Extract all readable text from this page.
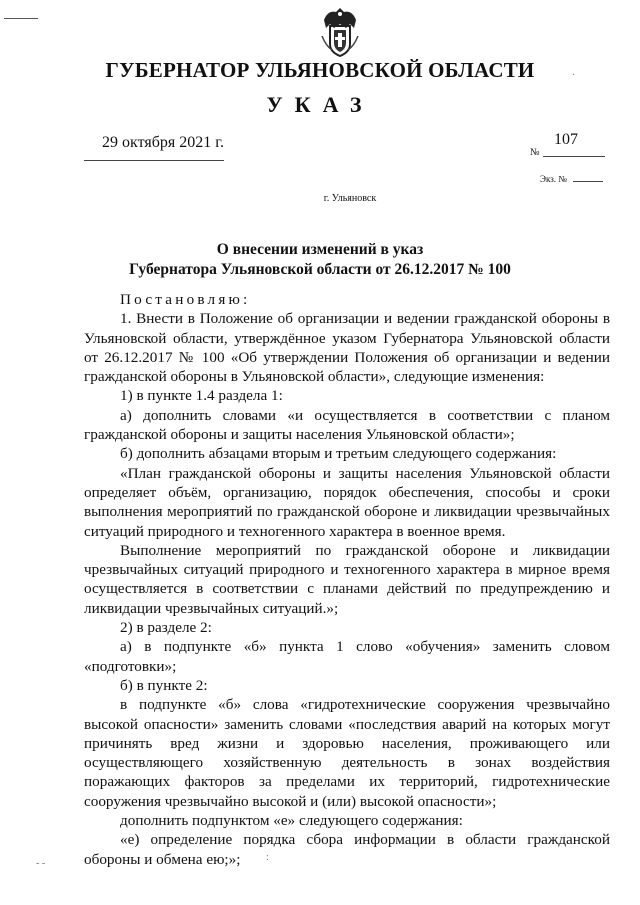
ГУБЕРНАТОР УЛЬЯНОВСКОЙ ОБЛАСТИ
УКАЗ
29 октября 2021 г.	107
№
Экз. №
г. Ульяновск
О внесении изменений в указ
Губернатора Ульяновской области от 26.12.2017 № 100

Постановляю:

1. Внести в Положение об организации и ведении гражданской обороны в Ульяновской области, утверждённое указом Губернатора Ульяновской области от 26.12.2017 № 100 «Об утверждении Положения об организации и ведении гражданской обороны в Ульяновской области», следующие изменения:

1) в пункте 1.4 раздела 1:

а) дополнить словами «и осуществляется в соответствии с планом гражданской обороны и защиты населения Ульяновской области»;

б) дополнить абзацами вторым и третьим следующего содержания:

«План гражданской обороны и защиты населения Ульяновской области определяет объём, организацию, порядок обеспечения, способы и сроки выполнения мероприятий по гражданской обороне и ликвидации чрезвычайных ситуаций природного и техногенного характера в военное время.

Выполнение мероприятий по гражданской обороне и ликвидации чрезвычайных ситуаций природного и техногенного характера в мирное время осуществляется в соответствии с планами действий по предупреждению и ликвидации чрезвычайных ситуаций.»;

2) в разделе 2:

а) в подпункте «б» пункта 1 слово «обучения» заменить словом «подготовки»;

б) в пункте 2:

в подпункте «б» слова «гидротехнические сооружения чрезвычайно высокой опасности» заменить словами «последствия аварий на которых могут причинять вред жизни и здоровью населения, проживающего или осуществляющего хозяйственную деятельность в зонах воздействия поражающих факторов за пределами их территорий, гидротехнические сооружения чрезвычайно высокой и (или) высокой опасности»;

дополнить подпунктом «е» следующего содержания:

«е) определение порядка сбора информации в области гражданской обороны и обмена ею;»;

- -
:
·
